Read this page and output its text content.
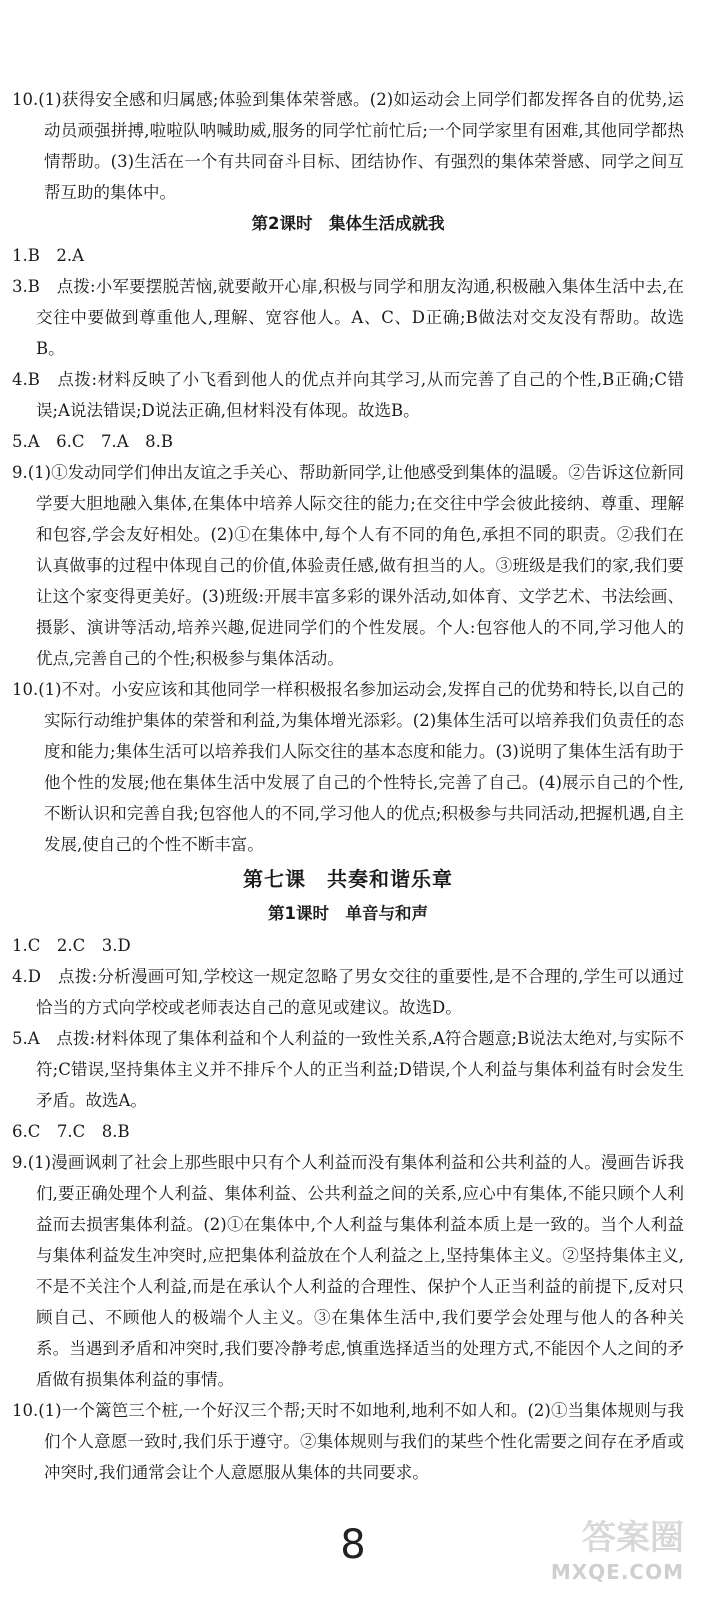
10.(1)获得安全感和归属感;体验到集体荣誉感。(2)如运动会上同学们都发挥各自的优势,运动员顽强拼搏,啦啦队呐喊助威,服务的同学忙前忙后;一个同学家里有困难,其他同学都热情帮助。(3)生活在一个有共同奋斗目标、团结协作、有强烈的集体荣誉感、同学之间互帮互助的集体中。

第2课时　集体生活成就我

1.B　2.A

3.B　点拨:小军要摆脱苦恼,就要敞开心扉,积极与同学和朋友沟通,积极融入集体生活中去,在交往中要做到尊重他人,理解、宽容他人。A、C、D正确;B做法对交友没有帮助。故选B。

4.B　点拨:材料反映了小飞看到他人的优点并向其学习,从而完善了自己的个性,B正确;C错误;A说法错误;D说法正确,但材料没有体现。故选B。

5.A　6.C　7.A　8.B

9.(1)①发动同学们伸出友谊之手关心、帮助新同学,让他感受到集体的温暖。②告诉这位新同学要大胆地融入集体,在集体中培养人际交往的能力;在交往中学会彼此接纳、尊重、理解和包容,学会友好相处。(2)①在集体中,每个人有不同的角色,承担不同的职责。②我们在认真做事的过程中体现自己的价值,体验责任感,做有担当的人。③班级是我们的家,我们要让这个家变得更美好。(3)班级:开展丰富多彩的课外活动,如体育、文学艺术、书法绘画、摄影、演讲等活动,培养兴趣,促进同学们的个性发展。个人:包容他人的不同,学习他人的优点,完善自己的个性;积极参与集体活动。

10.(1)不对。小安应该和其他同学一样积极报名参加运动会,发挥自己的优势和特长,以自己的实际行动维护集体的荣誉和利益,为集体增光添彩。(2)集体生活可以培养我们负责任的态度和能力;集体生活可以培养我们人际交往的基本态度和能力。(3)说明了集体生活有助于他个性的发展;他在集体生活中发展了自己的个性特长,完善了自己。(4)展示自己的个性,不断认识和完善自我;包容他人的不同,学习他人的优点;积极参与共同活动,把握机遇,自主发展,使自己的个性不断丰富。

第七课　共奏和谐乐章

第1课时　单音与和声

1.C　2.C　3.D

4.D　点拨:分析漫画可知,学校这一规定忽略了男女交往的重要性,是不合理的,学生可以通过恰当的方式向学校或老师表达自己的意见或建议。故选D。

5.A　点拨:材料体现了集体利益和个人利益的一致性关系,A符合题意;B说法太绝对,与实际不符;C错误,坚持集体主义并不排斥个人的正当利益;D错误,个人利益与集体利益有时会发生矛盾。故选A。

6.C　7.C　8.B

9.(1)漫画讽刺了社会上那些眼中只有个人利益而没有集体利益和公共利益的人。漫画告诉我们,要正确处理个人利益、集体利益、公共利益之间的关系,应心中有集体,不能只顾个人利益而去损害集体利益。(2)①在集体中,个人利益与集体利益本质上是一致的。当个人利益与集体利益发生冲突时,应把集体利益放在个人利益之上,坚持集体主义。②坚持集体主义,不是不关注个人利益,而是在承认个人利益的合理性、保护个人正当利益的前提下,反对只顾自己、不顾他人的极端个人主义。③在集体生活中,我们要学会处理与他人的各种关系。当遇到矛盾和冲突时,我们要冷静考虑,慎重选择适当的处理方式,不能因个人之间的矛盾做有损集体利益的事情。

10.(1)一个篱笆三个桩,一个好汉三个帮;天时不如地利,地利不如人和。(2)①当集体规则与我们个人意愿一致时,我们乐于遵守。②集体规则与我们的某些个性化需要之间存在矛盾或冲突时,我们通常会让个人意愿服从集体的共同要求。

8	答案圈
MXQE.COM
